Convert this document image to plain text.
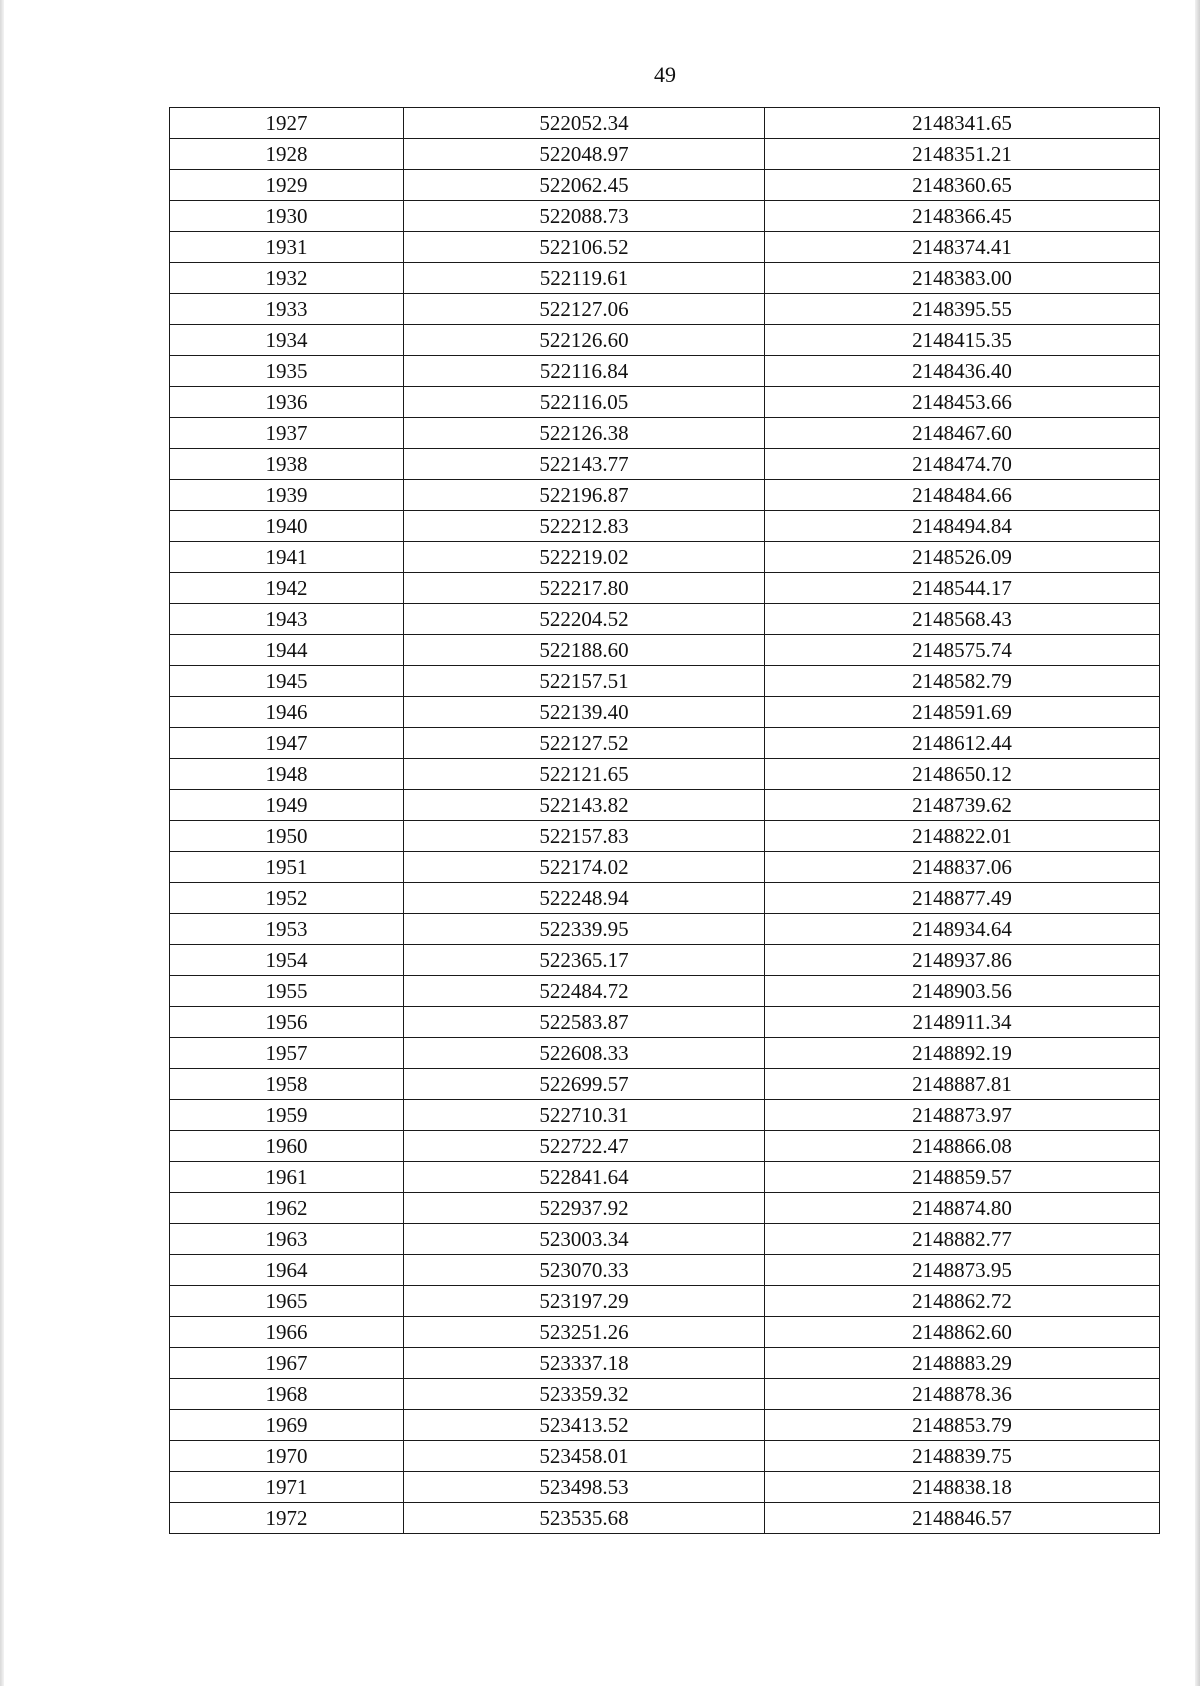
49
1927	522052.34	2148341.65
1928	522048.97	2148351.21
1929	522062.45	2148360.65
1930	522088.73	2148366.45
1931	522106.52	2148374.41
1932	522119.61	2148383.00
1933	522127.06	2148395.55
1934	522126.60	2148415.35
1935	522116.84	2148436.40
1936	522116.05	2148453.66
1937	522126.38	2148467.60
1938	522143.77	2148474.70
1939	522196.87	2148484.66
1940	522212.83	2148494.84
1941	522219.02	2148526.09
1942	522217.80	2148544.17
1943	522204.52	2148568.43
1944	522188.60	2148575.74
1945	522157.51	2148582.79
1946	522139.40	2148591.69
1947	522127.52	2148612.44
1948	522121.65	2148650.12
1949	522143.82	2148739.62
1950	522157.83	2148822.01
1951	522174.02	2148837.06
1952	522248.94	2148877.49
1953	522339.95	2148934.64
1954	522365.17	2148937.86
1955	522484.72	2148903.56
1956	522583.87	2148911.34
1957	522608.33	2148892.19
1958	522699.57	2148887.81
1959	522710.31	2148873.97
1960	522722.47	2148866.08
1961	522841.64	2148859.57
1962	522937.92	2148874.80
1963	523003.34	2148882.77
1964	523070.33	2148873.95
1965	523197.29	2148862.72
1966	523251.26	2148862.60
1967	523337.18	2148883.29
1968	523359.32	2148878.36
1969	523413.52	2148853.79
1970	523458.01	2148839.75
1971	523498.53	2148838.18
1972	523535.68	2148846.57
